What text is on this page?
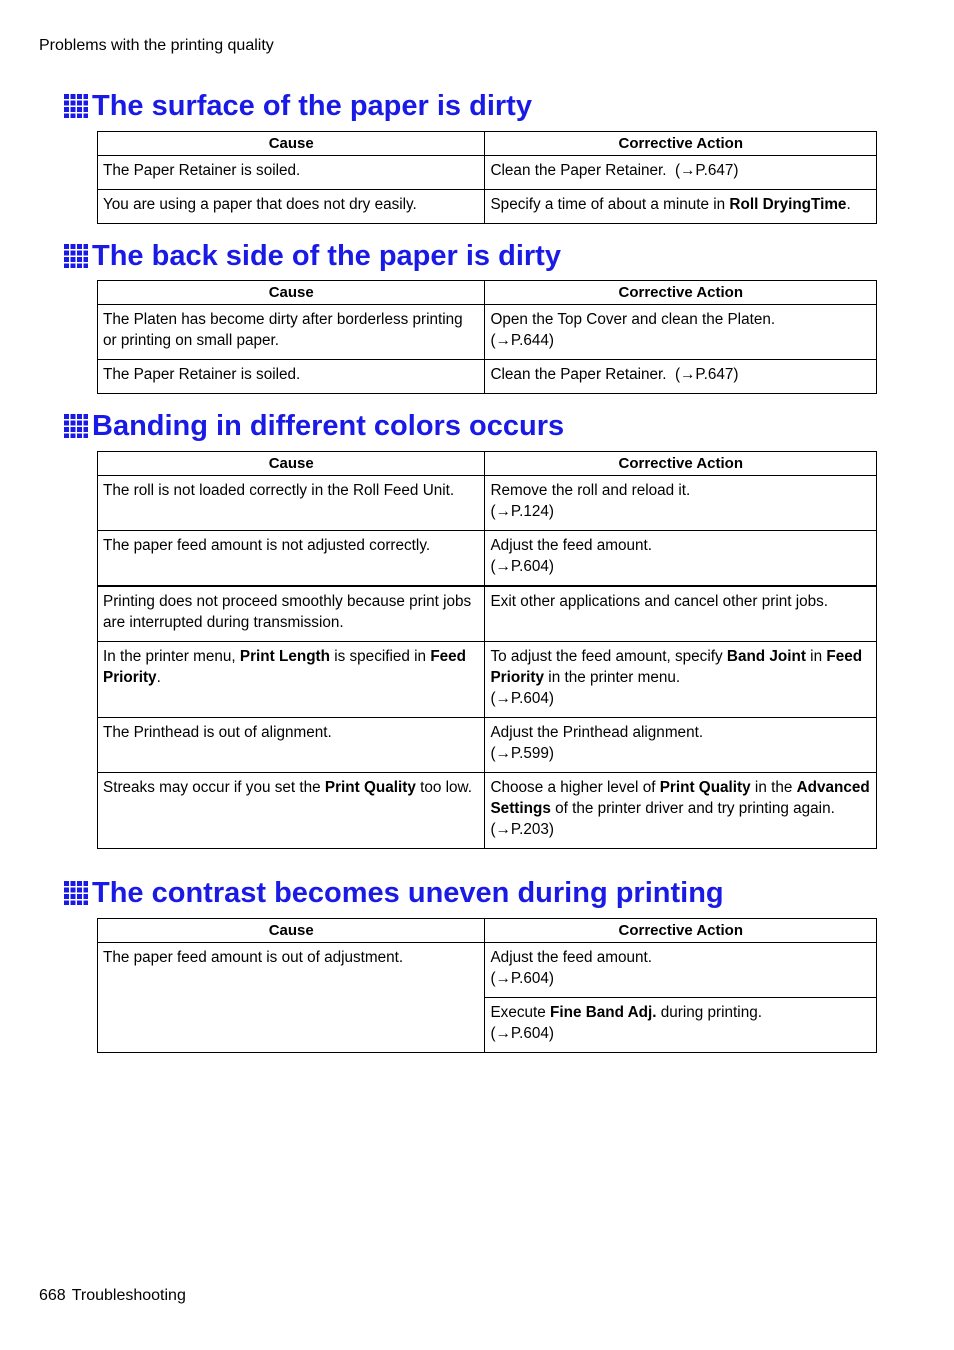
Problems with the printing quality
The surface of the paper is dirty
Cause	Corrective Action
The Paper Retainer is soiled.	Clean the Paper Retainer. (→P.647)
You are using a paper that does not dry easily.	Specify a time of about a minute in Roll DryingTime.
The back side of the paper is dirty
Cause	Corrective Action
The Platen has become dirty after borderless printing or printing on small paper.	Open the Top Cover and clean the Platen.
(→P.644)
The Paper Retainer is soiled.	Clean the Paper Retainer. (→P.647)
Banding in different colors occurs
Cause	Corrective Action
The roll is not loaded correctly in the Roll Feed Unit.	Remove the roll and reload it.
(→P.124)
The paper feed amount is not adjusted correctly.	Adjust the feed amount.
(→P.604)
Printing does not proceed smoothly because print jobs are interrupted during transmission.	Exit other applications and cancel other print jobs.
In the printer menu, Print Length is specified in Feed Priority.	To adjust the feed amount, specify Band Joint in Feed Priority in the printer menu.
(→P.604)
The Printhead is out of alignment.	Adjust the Printhead alignment.
(→P.599)
Streaks may occur if you set the Print Quality too low.	Choose a higher level of Print Quality in the Advanced Settings of the printer driver and try printing again.
(→P.203)
The contrast becomes uneven during printing
Cause	Corrective Action
The paper feed amount is out of adjustment.	Adjust the feed amount.
(→P.604)
	Execute Fine Band Adj. during printing.
(→P.604)
668 Troubleshooting
